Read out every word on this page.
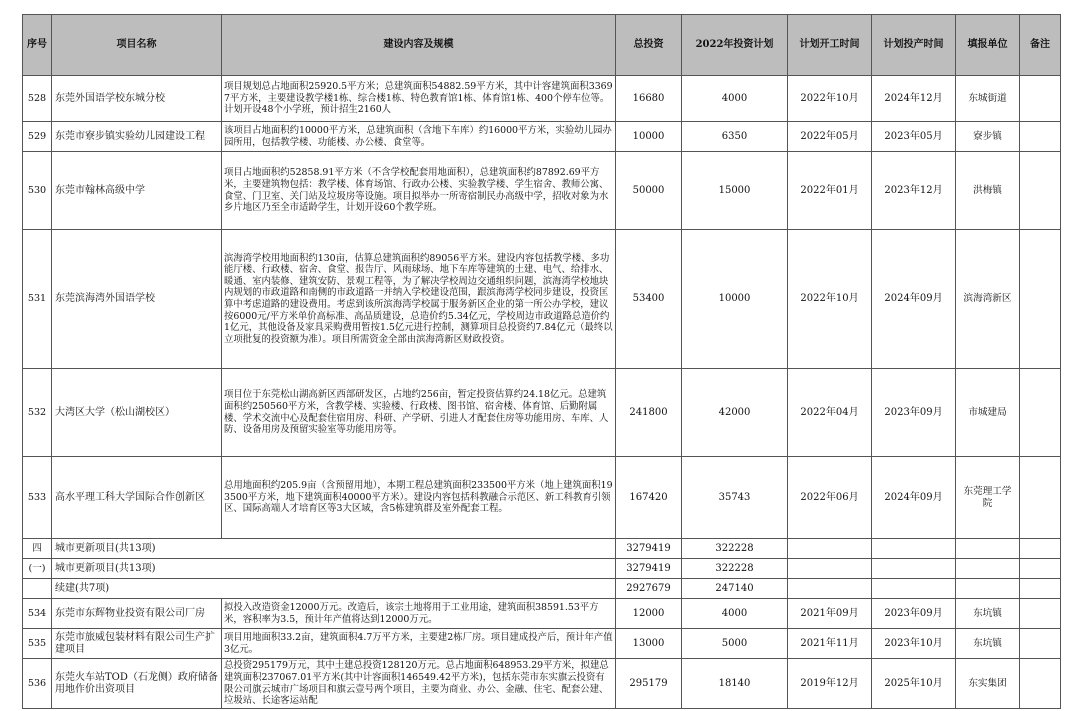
序号	项目名称	建设内容及规模	总投资	2022年投资计划	计划开工时间	计划投产时间	填报单位	备注
528	东莞外国语学校东城分校	项目规划总占地面积25920.5平方米；总建筑面积54882.59平方米，其中计容建筑面积33697平方米，主要建设教学楼1栋、综合楼1栋、特色教育馆1栋、体育馆1栋、400个停车位等。计划开设48个小学班，预计招生2160人	16680	4000	2022年10月	2024年12月	东城街道	
529	东莞市寮步镇实验幼儿园建设工程	该项目占地面积约10000平方米，总建筑面积（含地下车库）约16000平方米，实验幼儿园办园所用，包括教学楼、功能楼、办公楼、食堂等。	10000	6350	2022年05月	2023年05月	寮步镇	
530	东莞市翰林高级中学	项目占地面积约52858.91平方米（不含学校配套用地面积），总建筑面积约87892.69平方米，主要建筑物包括：教学楼、体育场馆、行政办公楼、实验教学楼、学生宿舍、教师公寓、食堂、门卫室、关门站及垃圾房等设施。项目拟举办一所寄宿制民办高级中学，招收对象为水乡片地区乃至全市适龄学生，计划开设60个教学班。	50000	15000	2022年01月	2023年12月	洪梅镇	
531	东莞滨海湾外国语学校	滨海湾学校用地面积约130亩，估算总建筑面积约89056平方米。建设内容包括教学楼、多功能厅楼、行政楼、宿舍、食堂、报告厅、风雨球场、地下车库等建筑的土建、电气、给排水、暖通、室内装修、建筑安防、景观工程等，为了解决学校周边交通组织问题，滨海湾学校地块内规划的市政道路和南侧的市政道路一并纳入学校建设范围，跟滨海湾学校同步建设，投资匡算中考虑道路的建设费用。考虑到该所滨海湾学校属于服务新区企业的第一所公办学校，建议按6000元/平方米单价高标准、高品质建设，总造价约5.34亿元，学校周边市政道路总造价约1亿元，其他设备及家具采购费用暂按1.5亿元进行控制，测算项目总投资约7.84亿元（最终以立项批复的投资额为准）。项目所需资金全部由滨海湾新区财政投资。	53400	10000	2022年10月	2024年09月	滨海湾新区	
532	大湾区大学（松山湖校区）	项目位于东莞松山湖高新区西部研发区，占地约256亩，暂定投资估算约24.18亿元。总建筑面积约250560平方米，含教学楼、实验楼、行政楼、图书馆、宿舍楼、体育馆、后勤附属楼、学术交流中心及配套住宿用房、科研、产学研、引进人才配套住房等功能用房、车库、人防、设备用房及预留实验室等功能用房等。	241800	42000	2022年04月	2023年09月	市城建局	
533	高水平理工科大学国际合作创新区	总用地面积约205.9亩（含预留用地），本期工程总建筑面积233500平方米（地上建筑面积193500平方米，地下建筑面积40000平方米）。建设内容包括科教融合示范区、新工科教育引领区、国际高端人才培育区等3大区域，含5栋建筑群及室外配套工程。	167420	35743	2022年06月	2024年09月	东莞理工学院	
四	城市更新项目(共13项)		3279419	322228				
(一)	城市更新项目(共13项)		3279419	322228				
	续建(共7项)		2927679	247140				
534	东莞市东辉物业投资有限公司厂房	拟投入改造资金12000万元。改造后，该宗土地将用于工业用途，建筑面积38591.53平方米，容积率为3.5，预计年产值将达到12000万元。	12000	4000	2021年09月	2023年09月	东坑镇	
535	东莞市旅威包装材料有限公司生产扩建项目	项目用地面积33.2亩，建筑面积4.7万平方米，主要建2栋厂房。项目建成投产后，预计年产值3亿元。	13000	5000	2021年11月	2023年10月	东坑镇	
536	东莞火车站TOD（石龙侧）政府储备用地作价出资项目	总投资295179万元，其中土建总投资128120万元。总占地面积648953.29平方米，拟建总建筑面积237067.01平方米(其中计容面积146549.42平方米)，包括东莞市东实旗云投资有限公司旗云城市广场项目和旗云壹号两个项目，主要为商业、办公、金融、住宅、配套公建、垃圾站、长途客运站配	295179	18140	2019年12月	2025年10月	东实集团	
